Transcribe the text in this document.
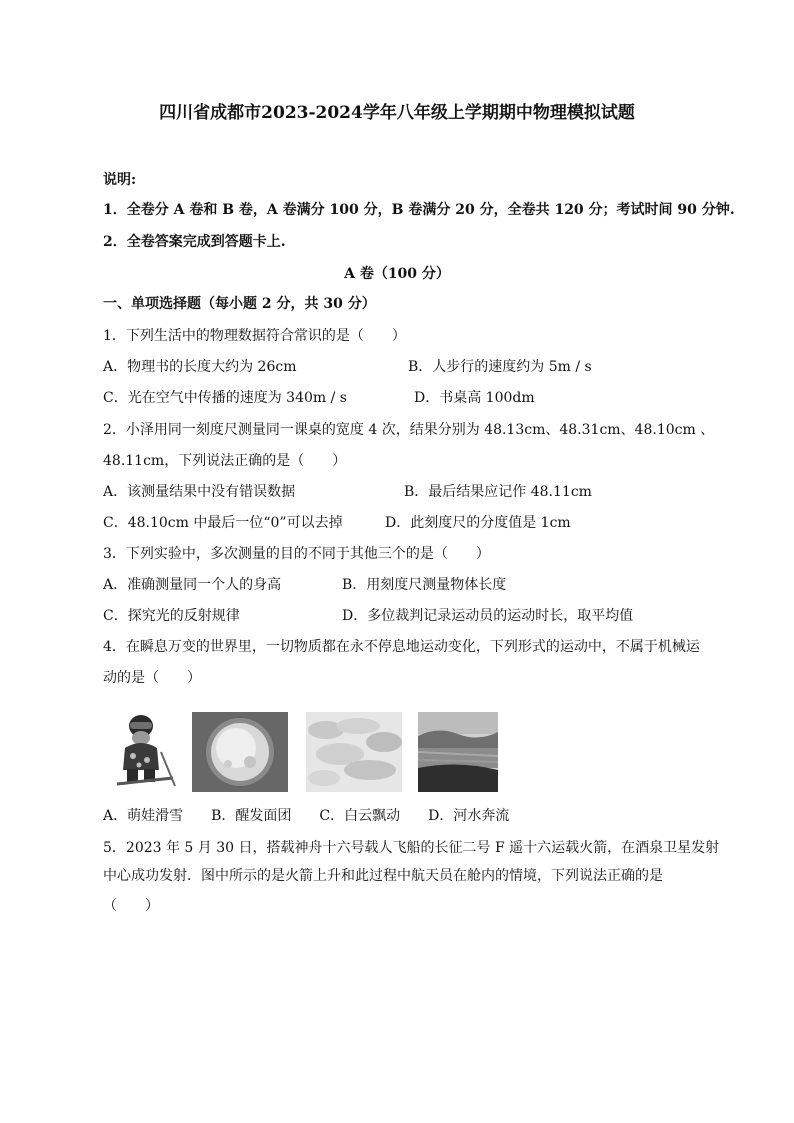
四川省成都市2023-2024学年八年级上学期期中物理模拟试题
说明:
1．全卷分 A 卷和 B 卷，A 卷满分 100 分，B 卷满分 20 分，全卷共 120 分；考试时间 90 分钟.
2．全卷答案完成到答题卡上.
A 卷（100 分）
一、单项选择题（每小题 2 分，共 30 分）
1．下列生活中的物理数据符合常识的是（　　）
A．物理书的长度大约为 26cm	B．人步行的速度约为 5m / s
C．光在空气中传播的速度为 340m / s	D．书桌高 100dm
2．小泽用同一刻度尺测量同一课桌的宽度 4 次，结果分别为 48.13cm、48.31cm、48.10cm 、
48.11cm，下列说法正确的是（　　）
A．该测量结果中没有错误数据	B．最后结果应记作 48.11cm
C．48.10cm 中最后一位“0”可以去掉	D．此刻度尺的分度值是 1cm
3．下列实验中，多次测量的目的不同于其他三个的是（　　）
A．准确测量同一个人的身高	B．用刻度尺测量物体长度
C．探究光的反射规律	D．多位裁判记录运动员的运动时长，取平均值
4．在瞬息万变的世界里，一切物质都在永不停息地运动变化，下列形式的运动中，不属于机械运
动的是（　　）
A．萌娃滑雪　　B．醒发面团　　C．白云飘动　　D．河水奔流
5．2023 年 5 月 30 日，搭载神舟十六号载人飞船的长征二号 F 遥十六运载火箭，在酒泉卫星发射
中心成功发射．图中所示的是火箭上升和此过程中航天员在舱内的情境，下列说法正确的是
（　　）
